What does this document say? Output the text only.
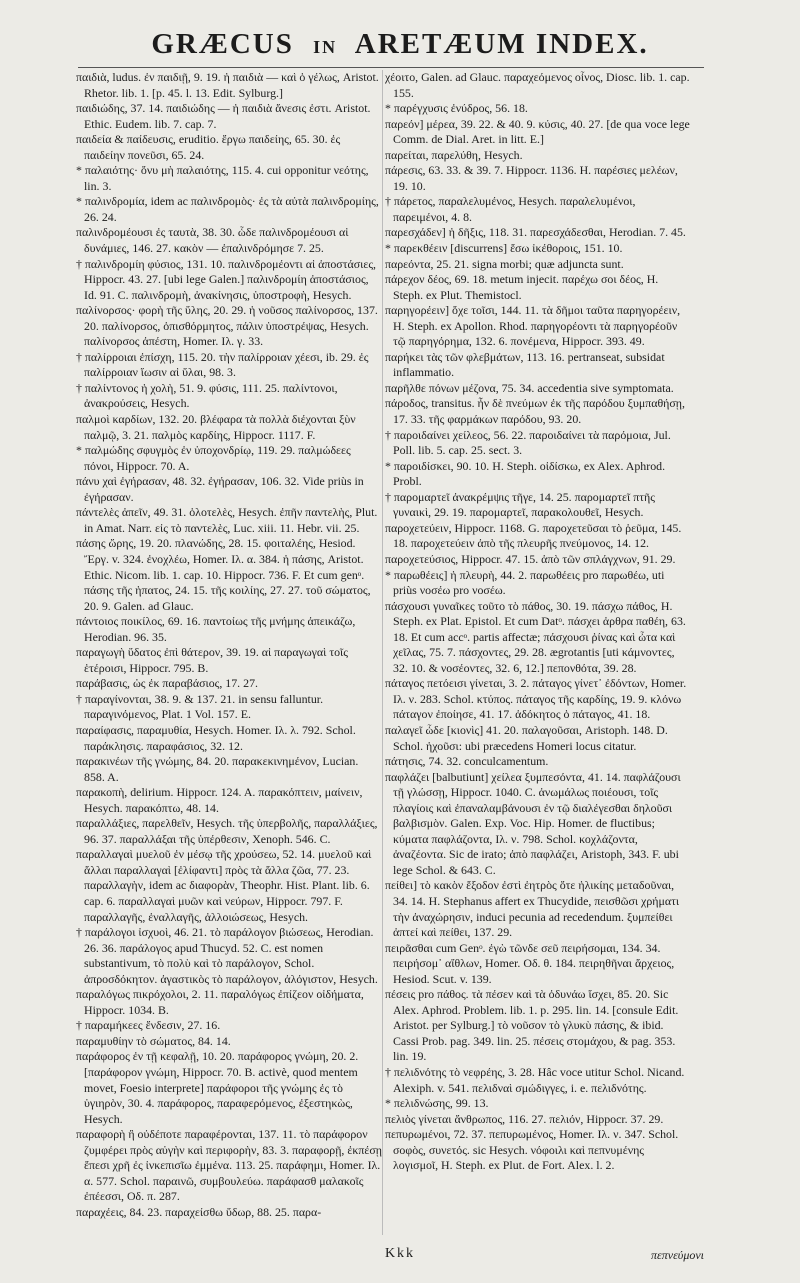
GRÆCUS IN ARETÆUM INDEX.

παιδιὰ, ludus. ἐν παιδιῇ, 9. 19. ἡ παιδιὰ — καὶ ὁ γέλως, Aristot. Rhetor. lib. 1. [p. 45. l. 13. Edit. Sylburg.]

παιδιώδης, 37. 14. παιδιώδης — ἡ παιδιὰ ἄνεσις ἐστι. Aristot. Ethic. Eudem. lib. 7. cap. 7.

παιδεία & παίδευσις, eruditio. ἔργω παιδείης, 65. 30. ἐς παιδείην πονεῦσι, 65. 24.

* παλαιότης· ὄνυ μὴ παλαιότης, 115. 4. cui opponitur νεότης, lin. 3.

* παλινδρομία, idem ac παλινδρομὸς· ἐς τὰ αὐτὰ παλινδρομίης, 26. 24.

παλινδρομέουσι ἐς ταυτὰ, 38. 30. ὧδε παλινδρομέουσι αἱ δυνάμιες, 146. 27. κακὸν — ἐπαλινδρόμησε 7. 25.

† παλινδρομίη φύσιος, 131. 10. παλινδρομέοντι αἱ ἀποστάσιες, Hippocr. 43. 27. [ubi lege Galen.] παλινδρομίη ἀποστάσιος, Id. 91. C. παλινδρομὴ, ἀνακίνησις, ὑποστροφὴ, Hesych.

παλίνορσος· φορὴ τῆς ὕλης, 20. 29. ἡ νοῦσος παλίνορσος, 137. 20. παλίνορσος, ὀπισθόρμητος, πάλιν ὑποστρέψας, Hesych. παλίνορσος ἀπέστη, Homer. Ιλ. γ. 33.

† παλίρροιαι ἐπίσχη, 115. 20. τὴν παλίρροιαν χέεσι, ib. 29. ἐς παλίρροιαν ἴωσιν αἱ ὕλαι, 98. 3.

† παλίντονος ἡ χολὴ, 51. 9. φύσις, 111. 25. παλίντονοι, ἀνακρούσεις, Hesych.

παλμοὶ καρδίων, 132. 20. βλέφαρα τὰ πολλὰ διέχονται ξὺν παλμῷ, 3. 21. παλμὸς καρδίης, Hippocr. 1117. F.

* παλμώδης σφυγμὸς ἐν ὑποχονδρίῳ, 119. 29. παλμώδεες πόνοι, Hippocr. 70. A.

πάνυ χαὶ ἐγήρασαν, 48. 32. ἐγήρασαν, 106. 32. Vide priùs in ἐγήρασαν.

πάντελὲς ἀπεῖν, 49. 31. ὁλοτελὲς, Hesych. ἐπῆν παντελὴς, Plut. in Amat. Narr. εἰς τὸ παντελὲς, Luc. xiii. 11. Hebr. vii. 25.

πάσης ὥρης, 19. 20. πλανώδης, 28. 15. φοιταλέης, Hesiod. Ἔργ. v. 324. ἐνοχλέω, Homer. Ιλ. α. 384. ἡ πάσης, Aristot. Ethic. Nicom. lib. 1. cap. 10. Hippocr. 736. F. Et cum genᵒ. πάσης τῆς ἡπατος, 24. 15. τῆς κοιλίης, 27. 27. τοῦ σώματος, 20. 9. Galen. ad Glauc.

πάντοιος ποικίλος, 69. 16. παντοίως τῆς μνήμης ἀπεικάζω, Herodian. 96. 35.

παραγωγὴ ὕδατος ἐπὶ θάτερον, 39. 19. αἱ παραγωγαὶ τοῖς ἑτέροισι, Hippocr. 795. B.

παράβασις, ὡς ἐκ παραβάσιος, 17. 27.

† παραγίνονται, 38. 9. & 137. 21. in sensu falluntur. παραγινόμενος, Plat. 1 Vol. 157. E.

παραίφασις, παραμυθία, Hesych. Homer. Ιλ. λ. 792. Schol. παράκλησις. παραφάσιος, 32. 12.

παρακινέων τῆς γνώμης, 84. 20. παρακεκινημένον, Lucian. 858. A.

παρακοπὴ, delirium. Hippocr. 124. A. παρακόπτειν, μαίνειν, Hesych. παρακόπτω, 48. 14.

παραλλάξιες, παρελθεῖν, Hesych. τῆς ὑπερβολῆς, παραλλάξιες, 96. 37. παραλλάξαι τῆς ὑπέρθεσιν, Xenoph. 546. C.

παραλλαγαὶ μυελοῦ ἐν μέσῳ τῆς χρούσεω, 52. 14. μυελοῦ καὶ ἄλλαι παραλλαγαὶ [ἐλίφαντι] πρὸς τὰ ἄλλα ζῶα, 77. 23. παραλλαγὴν, idem ac διαφορὰν, Theophr. Hist. Plant. lib. 6. cap. 6. παραλλαγαὶ μυῶν καὶ νεύρων, Hippocr. 797. F. παραλλαγῆς, ἐναλλαγῆς, ἀλλοιώσεως, Hesych.

† παράλογοι ἰσχυοὶ, 46. 21. τὸ παράλογον βιώσεως, Herodian. 26. 36. παράλογος apud Thucyd. 52. C. est nomen substantivum, τὸ πολὺ καὶ τὸ παράλογον, Schol. ἀπροσδόκητον. ἀγαστικὸς τὸ παράλογον, ἀλόγιστον, Hesych.

παραλόγως πικρόχολοι, 2. 11. παραλόγως ἐπίζεον οἰδήματα, Hippocr. 1034. B.

† παραμήκεες ἔνδεσιν, 27. 16.

παραμυθίην τὸ σώματος, 84. 14.

παράφορος ἐν τῇ κεφαλῇ, 10. 20. παράφορος γνώμη, 20. 2. [παράφορον γνώμη, Hippocr. 70. B. activè, quod mentem movet, Foesio interprete] παράφοροι τῆς γνώμης ἐς τὸ ὑγιηρὸν, 30. 4. παράφορος, παραφερόμενος, ἐξεστηκὼς, Hesych.

παραφορὴ ἢ οὐδέποτε παραφέρονται, 137. 11. τὸ παράφορον ζυμφέρει πρὸς αὐγὴν καὶ περιφορὴν, 83. 3. παραφορῇ, ἐκπέσῃ ἔπεσι χρῆ ἐς ἰνκεπισῖω ἐμμένα. 113. 25. παράφημι, Homer. Ιλ. α. 577. Schol. παραινῶ, συμβουλεύω. παράφασθ μαλακοῖς ἐπέεσσι, Οδ. π. 287.

παραχέεις, 84. 23. παραχείσθω ὕδωρ, 88. 25. παρα-

χέοιτο, Galen. ad Glauc. παραχεόμενος οἶνος, Diosc. lib. 1. cap. 155.

* παρέγχυσις ἐνύδρος, 56. 18.

παρεόν] μέρεα, 39. 22. & 40. 9. κύσις, 40. 27. [de qua voce lege Comm. de Dial. Aret. in litt. E.]

παρείται, παρελύθη, Hesych.

πάρεσις, 63. 33. & 39. 7. Hippocr. 1136. H. παρέσιες μελέων, 19. 10.

† πάρετος, παραλελυμένος, Hesych. παραλελυμένοι, παρειμένοι, 4. 8.

παρεσχάδεν] ἡ δῆξις, 118. 31. παρεσχάδεσθαι, Herodian. 7. 45.

* παρεκθέειν [discurrens] ἔσω ἰκέθοροις, 151. 10.

παρεόντα, 25. 21. signa morbi; quæ adjuncta sunt.

πάρεχον δέος, 69. 18. metum injecit. παρέχω σοι δέος, H. Steph. ex Plut. Themistocl.

παρηγορέειν] ὄχε τοῖσι, 144. 11. τὰ δῆμοι ταῦτα παρηγορέειν, H. Steph. ex Apollon. Rhod. παρηγορέοντι τὰ παρηγορέοῦν τῷ παρηγόρημα, 132. 6. πονέμενα, Hippocr. 393. 49.

παρήκει τὰς τῶν φλεβμάτων, 113. 16. pertranseat, subsidat inflammatio.

παρῆλθε πόνων μέζονα, 75. 34. accedentia sive symptomata.

πάροδος, transitus. ἦν δὲ πνεύμων ἐκ τῆς παρόδου ξυμπαθήσῃ, 17. 33. τῆς φαρμάκων παρόδου, 93. 20.

† παροιδαίνει χείλεος, 56. 22. παροιδαίνει τὰ παρόμοια, Jul. Poll. lib. 5. cap. 25. sect. 3.

* παροιδίσκει, 90. 10. H. Steph. οἰδίσκω, ex Alex. Aphrod. Probl.

† παρομαρτεῖ ἀνακρέμψις τῆγε, 14. 25. παρομαρτεῖ πτῆς γυναικὶ, 29. 19. παρομαρτεῖ, παρακολουθεῖ, Hesych.

παροχετεύειν, Hippocr. 1168. G. παροχετεῦσαι τὸ ῥεῦμα, 145. 18. παροχετεύειν ἀπὸ τῆς πλευρῆς πνεύμονος, 14. 12.

παροχετεύσιος, Hippocr. 47. 15. ἀπὸ τῶν σπλάγχνων, 91. 29.

* παρωθέεις] ἡ πλευρὴ, 44. 2. παρωθέεις pro παρωθέω, uti priùs νοσέω pro νοσέω.

πάσχουσι γυναῖκες τοῦτο τὸ πάθος, 30. 19. πάσχω πάθος, H. Steph. ex Plat. Epistol. Et cum Datᵒ. πάσχει ἀρθρα παθέη, 63. 18. Et cum accᵒ. partis affectæ; πάσχουσι ῥίνας καὶ ὦτα καὶ χεῖλας, 75. 7. πάσχοντες, 29. 28. ægrotantis [uti κάμνοντες, 32. 10. & νοσέοντες, 32. 6, 12.] πεπονθότα, 39. 28.

πάταγος πετόεισι γίνεται, 3. 2. πάταγος γίνετ᾽ ἐδόντων, Homer. Ιλ. ν. 283. Schol. κτύπος. πάταγος τῆς καρδίης, 19. 9. κλόνω πάταγον ἐποίησε, 41. 17. ἀδόκητος ὁ πάταγος, 41. 18.

παλαγεῖ ὧδε [κιονὶς] 41. 20. παλαγοῦσαι, Aristoph. 148. D. Schol. ἠχοῦσι: ubi præcedens Homeri locus citatur.

πάτησις, 74. 32. conculcamentum.

παφλάζει [balbutiunt] χείλεα ξυμπεσόντα, 41. 14. παφλάζουσι τῇ γλώσσῃ, Hippocr. 1040. C. ἀνωμάλως ποιέουσι, τοῖς πλαγίοις καὶ ἐπαναλαμβάνουσι ἐν τῷ διαλέγεσθαι δηλοῦσι βαλβισμὸν. Galen. Exp. Voc. Hip. Homer. de fluctibus; κύματα παφλάζοντα, Ιλ. ν. 798. Schol. κοχλάζοντα, ἀναζέοντα. Sic de irato; ἀπὸ παφλάζει, Aristoph, 343. F. ubi lege Schol. & 643. C.

πείθει] τὸ κακὸν ἔξοδον ἐστὶ ἐητρὸς ὅτε ἡλικίης μεταδοῦναι, 34. 14. H. Stephanus affert ex Thucydide, πεισθῶσι χρήματι τὴν ἀναχώρησιν, induci pecunia ad recedendum. ξυμπείθει ἀπτεί καὶ πείθει, 137. 29.

πειρᾶσθαι cum Genᵒ. ἐγὼ τῶνδε σεῦ πειρήσομαι, 134. 34. πειρήσομ᾽ αἴθλων, Homer. Οδ. θ. 184. πειρηθῆναι ἄρχειος, Hesiod. Scut. v. 139.

πέσεις pro πάθος. τὰ πέσεν καὶ τὰ ὀδυνάω ἴσχει, 85. 20. Sic Alex. Aphrod. Problem. lib. 1. p. 295. lin. 14. [consule Edit. Aristot. per Sylburg.] τὸ νοῦσον τὸ γλυκὺ πάσης, & ibid. Cassi Prob. pag. 349. lin. 25. πέσεις στομάχου, & pag. 353. lin. 19.

† πελιδνότης τὸ νεφρέης, 3. 28. Hâc voce utitur Schol. Nicand. Alexiph. v. 541. πελιδναὶ σμώδιγγες, i. e. πελιδνότης.

* πελιδνώσης, 99. 13.

πελιὸς γίνεται ἄνθρωπος, 116. 27. πελιόν, Hippocr. 37. 29.

πεπυρωμένοι, 72. 37. πεπυρωμένος, Homer. Ιλ. ν. 347. Schol. σοφὸς, συνετός. sic Hesych. νόφοιλι καὶ πεπνυμένης λογισμοῖ, H. Steph. ex Plut. de Fort. Alex. l. 2.

Kkk	πεπνεύμονι
